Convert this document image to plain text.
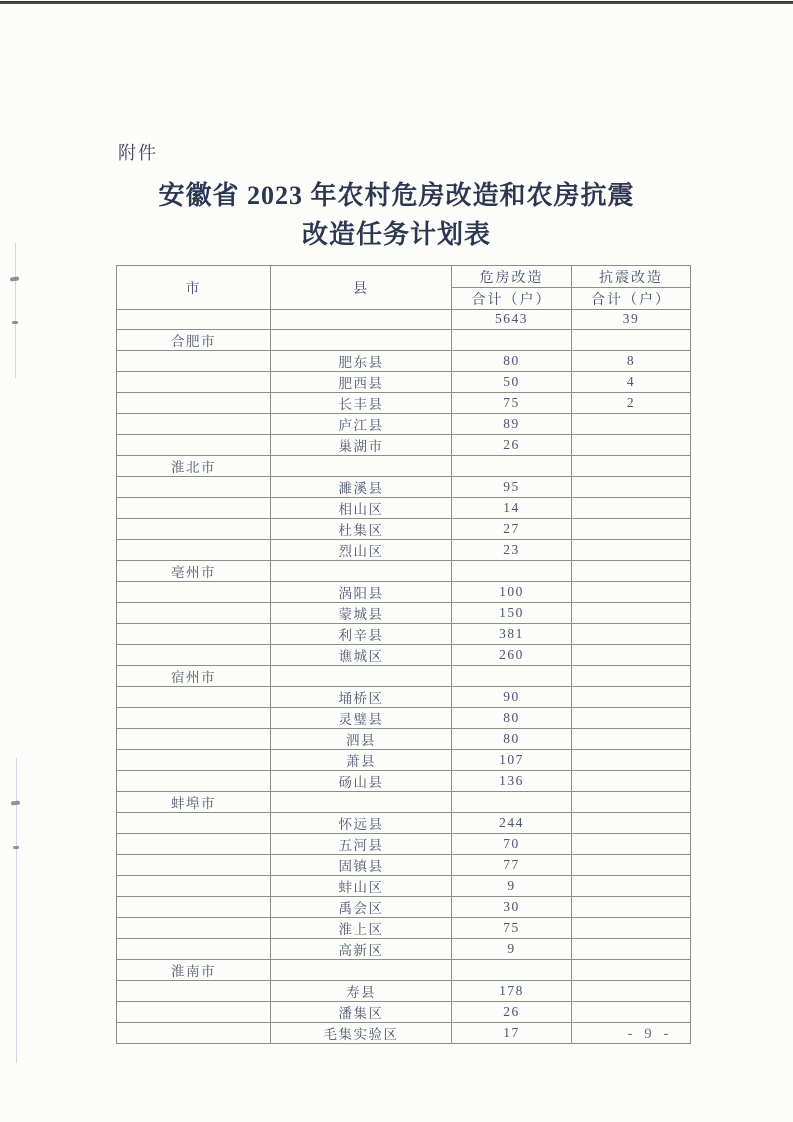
附件
安徽省 2023 年农村危房改造和农房抗震
改造任务计划表
市	县	危房改造	抗震改造
		合计（户）	合计（户）
		5643	39
合肥市			
	肥东县	80	8
	肥西县	50	4
	长丰县	75	2
	庐江县	89	
	巢湖市	26	
淮北市			
	濉溪县	95	
	相山区	14	
	杜集区	27	
	烈山区	23	
亳州市			
	涡阳县	100	
	蒙城县	150	
	利辛县	381	
	谯城区	260	
宿州市			
	埇桥区	90	
	灵璧县	80	
	泗县	80	
	萧县	107	
	砀山县	136	
蚌埠市			
	怀远县	244	
	五河县	70	
	固镇县	77	
	蚌山区	9	
	禹会区	30	
	淮上区	75	
	高新区	9	
淮南市			
	寿县	178	
	潘集区	26	
	毛集实验区	17		- 9 -
